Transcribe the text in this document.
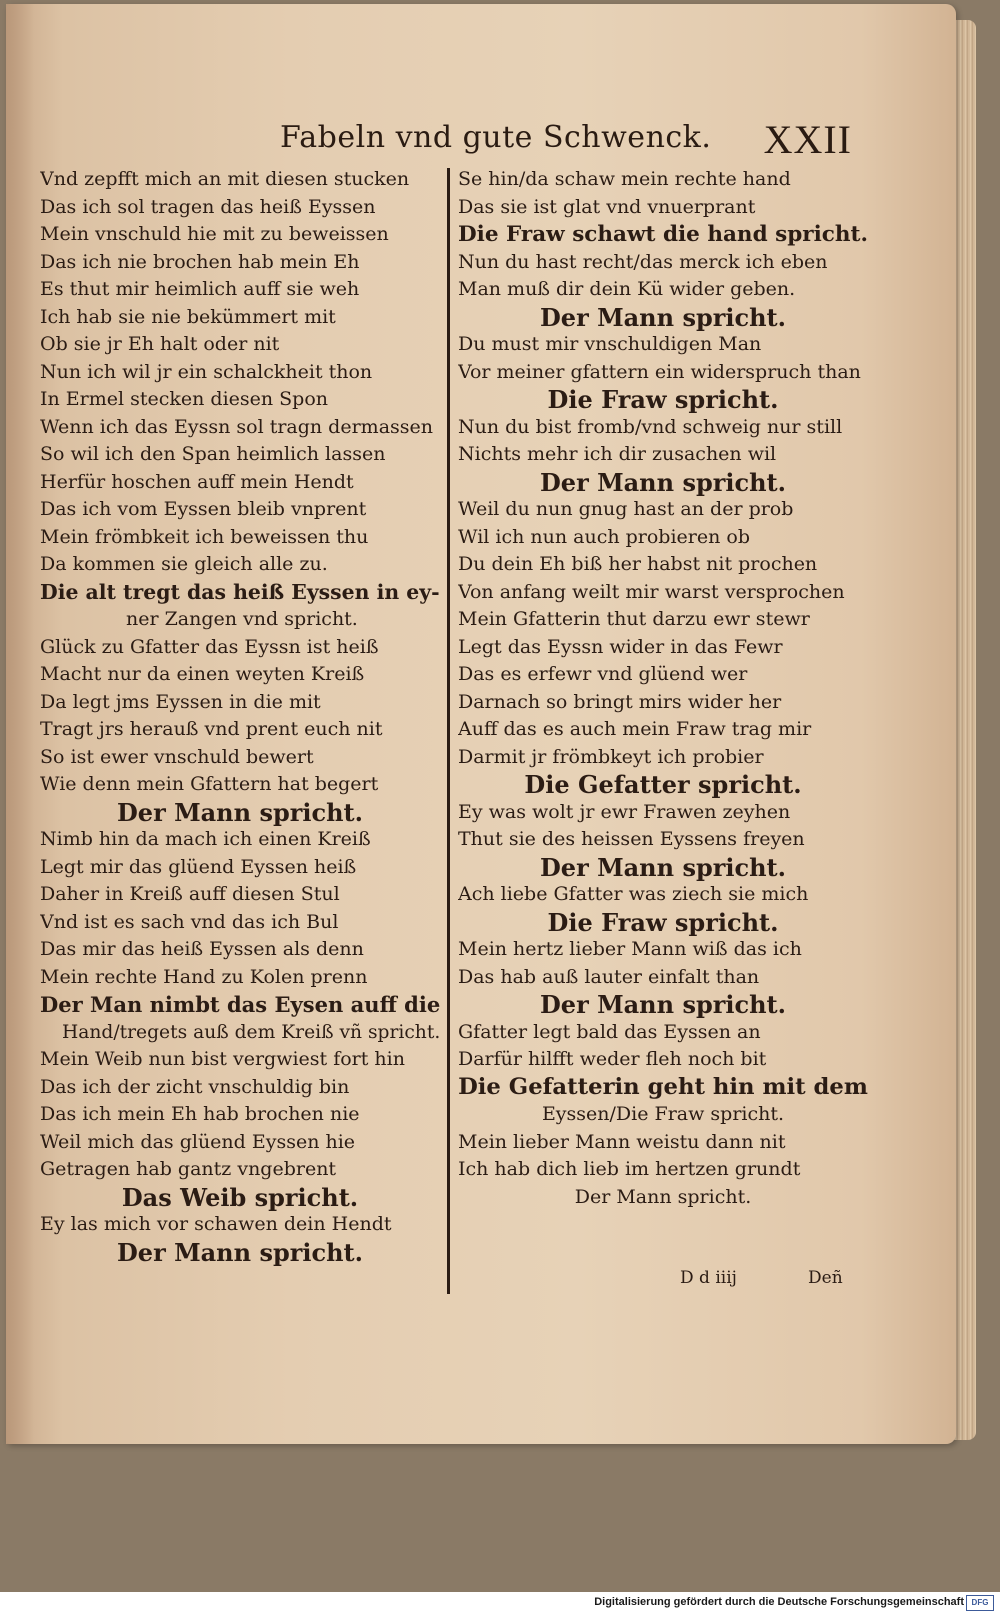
Fabeln vnd gute Schwenck. XXII
Vnd zepfft mich an mit diesen stucken
Das ich sol tragen das heiß Eyssen
Mein vnschuld hie mit zu beweissen
Das ich nie brochen hab mein Eh
Es thut mir heimlich auff sie weh
Ich hab sie nie bekümmert mit
Ob sie jr Eh halt oder nit
Nun ich wil jr ein schalckheit thon
In Ermel stecken diesen Spon
Wenn ich das Eyssn sol tragn dermassen
So wil ich den Span heimlich lassen
Herfür hoschen auff mein Hendt
Das ich vom Eyssen bleib vnprent
Mein frömbkeit ich beweissen thu
Da kommen sie gleich alle zu.
Die alt tregt das heiß Eyssen in ey-
ner Zangen vnd spricht.
Glück zu Gfatter das Eyssn ist heiß
Macht nur da einen weyten Kreiß
Da legt jms Eyssen in die mit
Tragt jrs herauß vnd prent euch nit
So ist ewer vnschuld bewert
Wie denn mein Gfattern hat begert
Der Mann spricht.
Nimb hin da mach ich einen Kreiß
Legt mir das glüend Eyssen heiß
Daher in Kreiß auff diesen Stul
Vnd ist es sach vnd das ich Bul
Das mir das heiß Eyssen als denn
Mein rechte Hand zu Kolen prenn
Der Man nimbt das Eysen auff die
Hand/tregets auß dem Kreiß vñ spricht.
Mein Weib nun bist vergwiest fort hin
Das ich der zicht vnschuldig bin
Das ich mein Eh hab brochen nie
Weil mich das glüend Eyssen hie
Getragen hab gantz vngebrent
Das Weib spricht.
Ey las mich vor schawen dein Hendt
Der Mann spricht.
Se hin/da schaw mein rechte hand
Das sie ist glat vnd vnuerprant
Die Fraw schawt die hand spricht.
Nun du hast recht/das merck ich eben
Man muß dir dein Kü wider geben.
Der Mann spricht.
Du must mir vnschuldigen Man
Vor meiner gfattern ein widerspruch than
Die Fraw spricht.
Nun du bist fromb/vnd schweig nur still
Nichts mehr ich dir zusachen wil
Der Mann spricht.
Weil du nun gnug hast an der prob
Wil ich nun auch probieren ob
Du dein Eh biß her habst nit prochen
Von anfang weilt mir warst versprochen
Mein Gfatterin thut darzu ewr stewr
Legt das Eyssn wider in das Fewr
Das es erfewr vnd glüend wer
Darnach so bringt mirs wider her
Auff das es auch mein Fraw trag mir
Darmit jr frömbkeyt ich probier
Die Gefatter spricht.
Ey was wolt jr ewr Frawen zeyhen
Thut sie des heissen Eyssens freyen
Der Mann spricht.
Ach liebe Gfatter was ziech sie mich
Die Fraw spricht.
Mein hertz lieber Mann wiß das ich
Das hab auß lauter einfalt than
Der Mann spricht.
Gfatter legt bald das Eyssen an
Darfür hilfft weder fleh noch bit
Die Gefatterin geht hin mit dem
Eyssen/Die Fraw spricht.
Mein lieber Mann weistu dann nit
Ich hab dich lieb im hertzen grundt
Der Mann spricht.
D d iiij	Deñ
Digitalisierung gefördert durch die Deutsche Forschungsgemeinschaft DFG
